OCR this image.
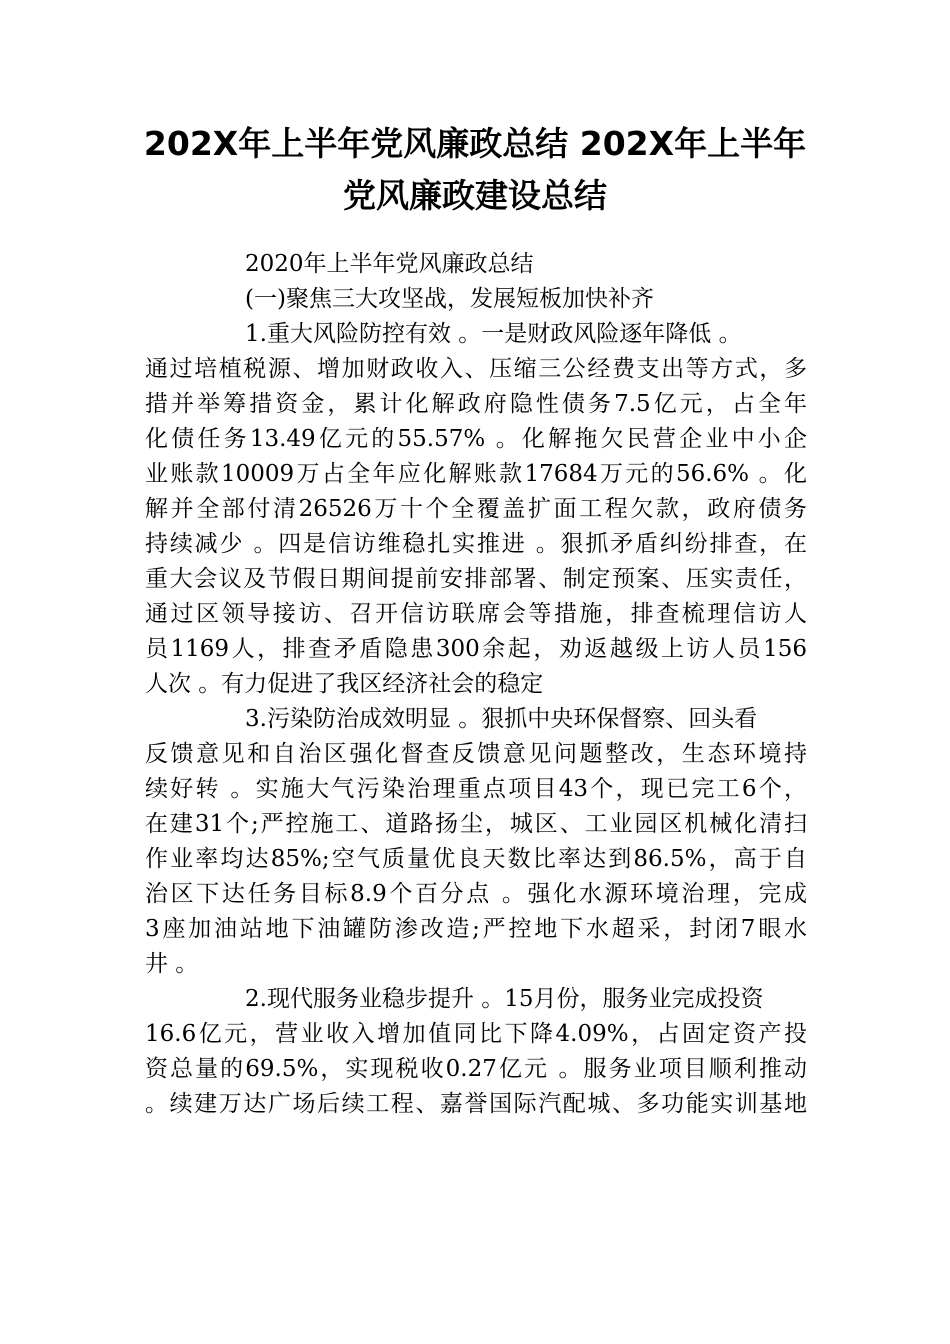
202X年上半年党风廉政总结 202X年上半年
党风廉政建设总结
2020年上半年党风廉政总结
(一)聚焦三大攻坚战，发展短板加快补齐
1.重大风险防控有效 。一是财政风险逐年降低 。
通过培植税源、增加财政收入、压缩三公经费支出等方式，多
措并举筹措资金，累计化解政府隐性债务7.5亿元，占全年
化债任务13.49亿元的55.57% 。化解拖欠民营企业中小企
业账款10009万占全年应化解账款17684万元的56.6% 。化
解并全部付清26526万十个全覆盖扩面工程欠款，政府债务
持续减少 。四是信访维稳扎实推进 。狠抓矛盾纠纷排查，在
重大会议及节假日期间提前安排部署、制定预案、压实责任，
通过区领导接访、召开信访联席会等措施，排查梳理信访人
员1169人，排查矛盾隐患300余起，劝返越级上访人员156
人次 。有力促进了我区经济社会的稳定
3.污染防治成效明显 。狠抓中央环保督察、回头看
反馈意见和自治区强化督查反馈意见问题整改，生态环境持
续好转 。实施大气污染治理重点项目43个，现已完工6个，
在建31个;严控施工、道路扬尘，城区、工业园区机械化清扫
作业率均达85%;空气质量优良天数比率达到86.5%，高于自
治区下达任务目标8.9个百分点 。强化水源环境治理，完成
3座加油站地下油罐防渗改造;严控地下水超采，封闭7眼水
井 。
2.现代服务业稳步提升 。15月份，服务业完成投资
16.6亿元，营业收入增加值同比下降4.09%，占固定资产投
资总量的69.5%，实现税收0.27亿元 。服务业项目顺利推动
。续建万达广场后续工程、嘉誉国际汽配城、多功能实训基地
